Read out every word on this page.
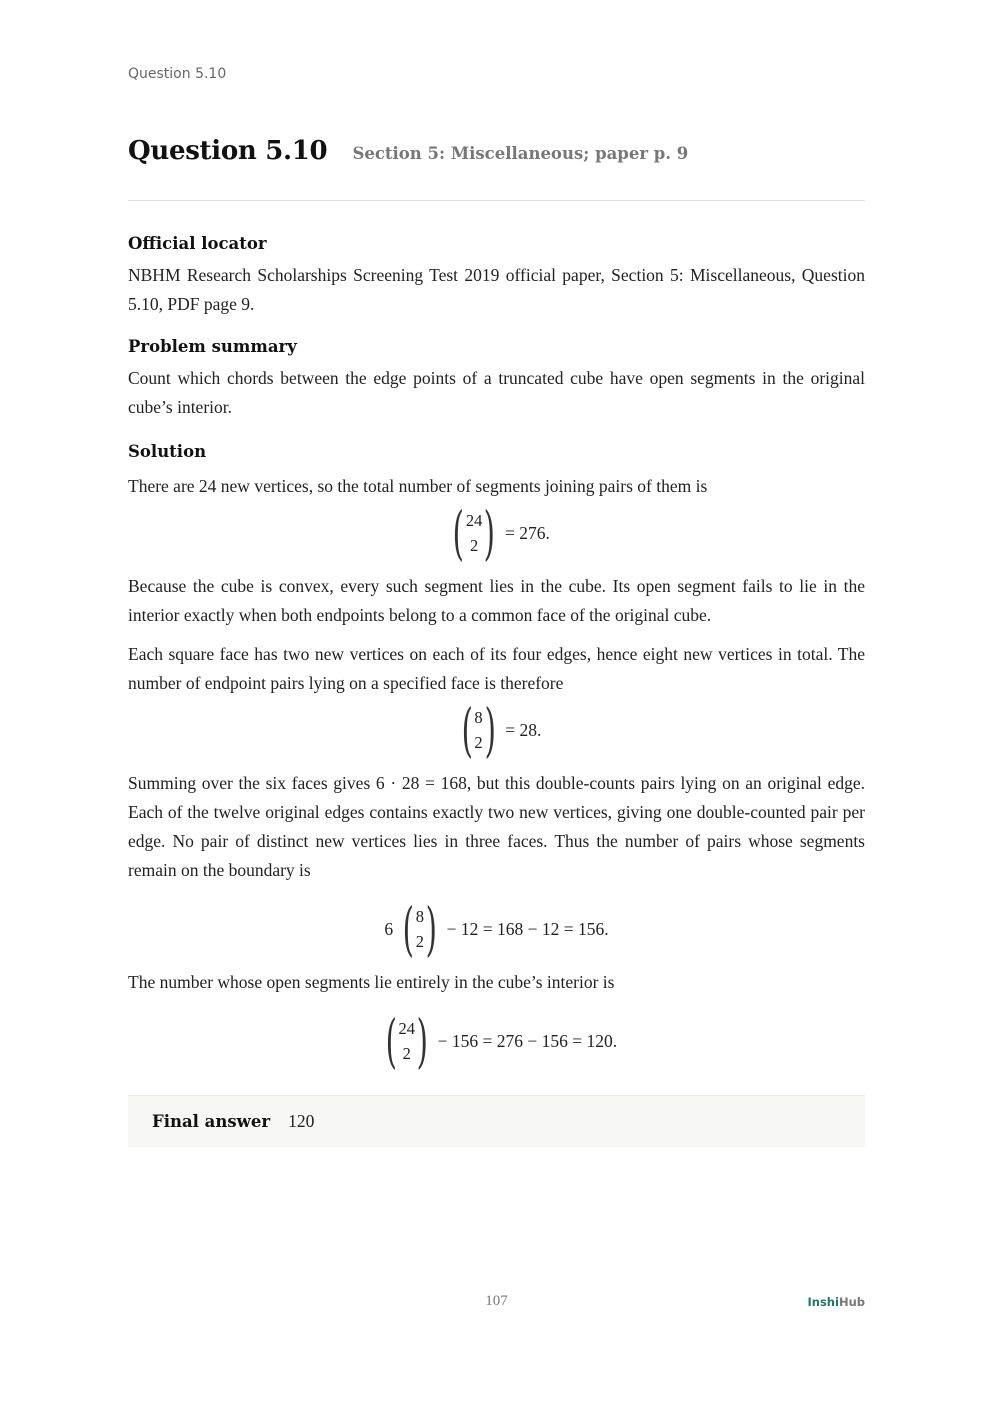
Question 5.10
Question 5.10 Section 5: Miscellaneous; paper p. 9
Official locator

NBHM Research Scholarships Screening Test 2019 official paper, Section 5: Miscellaneous, Question 5.10, PDF page 9.

Problem summary

Count which chords between the edge points of a truncated cube have open segments in the original cube’s interior.

Solution

There are 24 new vertices, so the total number of segments joining pairs of them is

( 24
2 ) = 276.

Because the cube is convex, every such segment lies in the cube. Its open segment fails to lie in the interior exactly when both endpoints belong to a common face of the original cube.

Each square face has two new vertices on each of its four edges, hence eight new vertices in total. The number of endpoint pairs lying on a specified face is therefore

( 8
2 ) = 28.

Summing over the six faces gives 6 · 28 = 168, but this double-counts pairs lying on an original edge. Each of the twelve original edges contains exactly two new vertices, giving one double-counted pair per edge. No pair of distinct new vertices lies in three faces. Thus the number of pairs whose segments remain on the boundary is

6 ( 8
2 ) − 12 = 168 − 12 = 156.

The number whose open segments lie entirely in the cube’s interior is

( 24
2 ) − 156 = 276 − 156 = 120.
Final answer 120
107	InshiHub
